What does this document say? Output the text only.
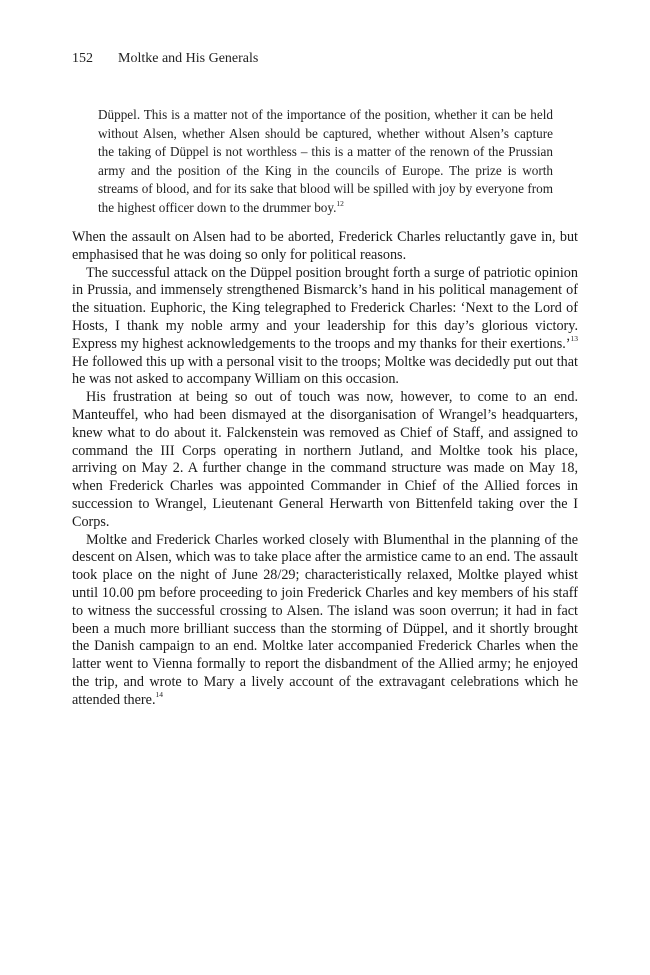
152 Moltke and His Generals
Düppel. This is a matter not of the importance of the position, whether it can be held without Alsen, whether Alsen should be captured, whether without Alsen’s capture the taking of Düppel is not worthless – this is a matter of the renown of the Prussian army and the position of the King in the councils of Europe. The prize is worth streams of blood, and for its sake that blood will be spilled with joy by everyone from the highest officer down to the drummer boy.$^{12}$

When the assault on Alsen had to be aborted, Frederick Charles reluctantly gave in, but emphasised that he was doing so only for political reasons.

The successful attack on the Düppel position brought forth a surge of patriotic opinion in Prussia, and immensely strengthened Bismarck’s hand in his political management of the situation. Euphoric, the King telegraphed to Frederick Charles: ‘Next to the Lord of Hosts, I thank my noble army and your leadership for this day’s glorious victory. Express my highest acknowledgements to the troops and my thanks for their exertions.’$^{13}$ He followed this up with a personal visit to the troops; Moltke was decidedly put out that he was not asked to accompany William on this occasion.

His frustration at being so out of touch was now, however, to come to an end. Manteuffel, who had been dismayed at the disorganisation of Wrangel’s headquarters, knew what to do about it. Falckenstein was removed as Chief of Staff, and assigned to command the III Corps operating in northern Jutland, and Moltke took his place, arriving on May 2. A further change in the command structure was made on May 18, when Frederick Charles was appointed Commander in Chief of the Allied forces in succession to Wrangel, Lieutenant General Herwarth von Bittenfeld taking over the I Corps.

Moltke and Frederick Charles worked closely with Blumenthal in the planning of the descent on Alsen, which was to take place after the armistice came to an end. The assault took place on the night of June 28/29; characteristically relaxed, Moltke played whist until 10.00 pm before proceeding to join Frederick Charles and key members of his staff to witness the successful crossing to Alsen. The island was soon overrun; it had in fact been a much more brilliant success than the storming of Düppel, and it shortly brought the Danish campaign to an end. Moltke later accompanied Frederick Charles when the latter went to Vienna formally to report the disbandment of the Allied army; he enjoyed the trip, and wrote to Mary a lively account of the extravagant celebrations which he attended there.$^{14}$
